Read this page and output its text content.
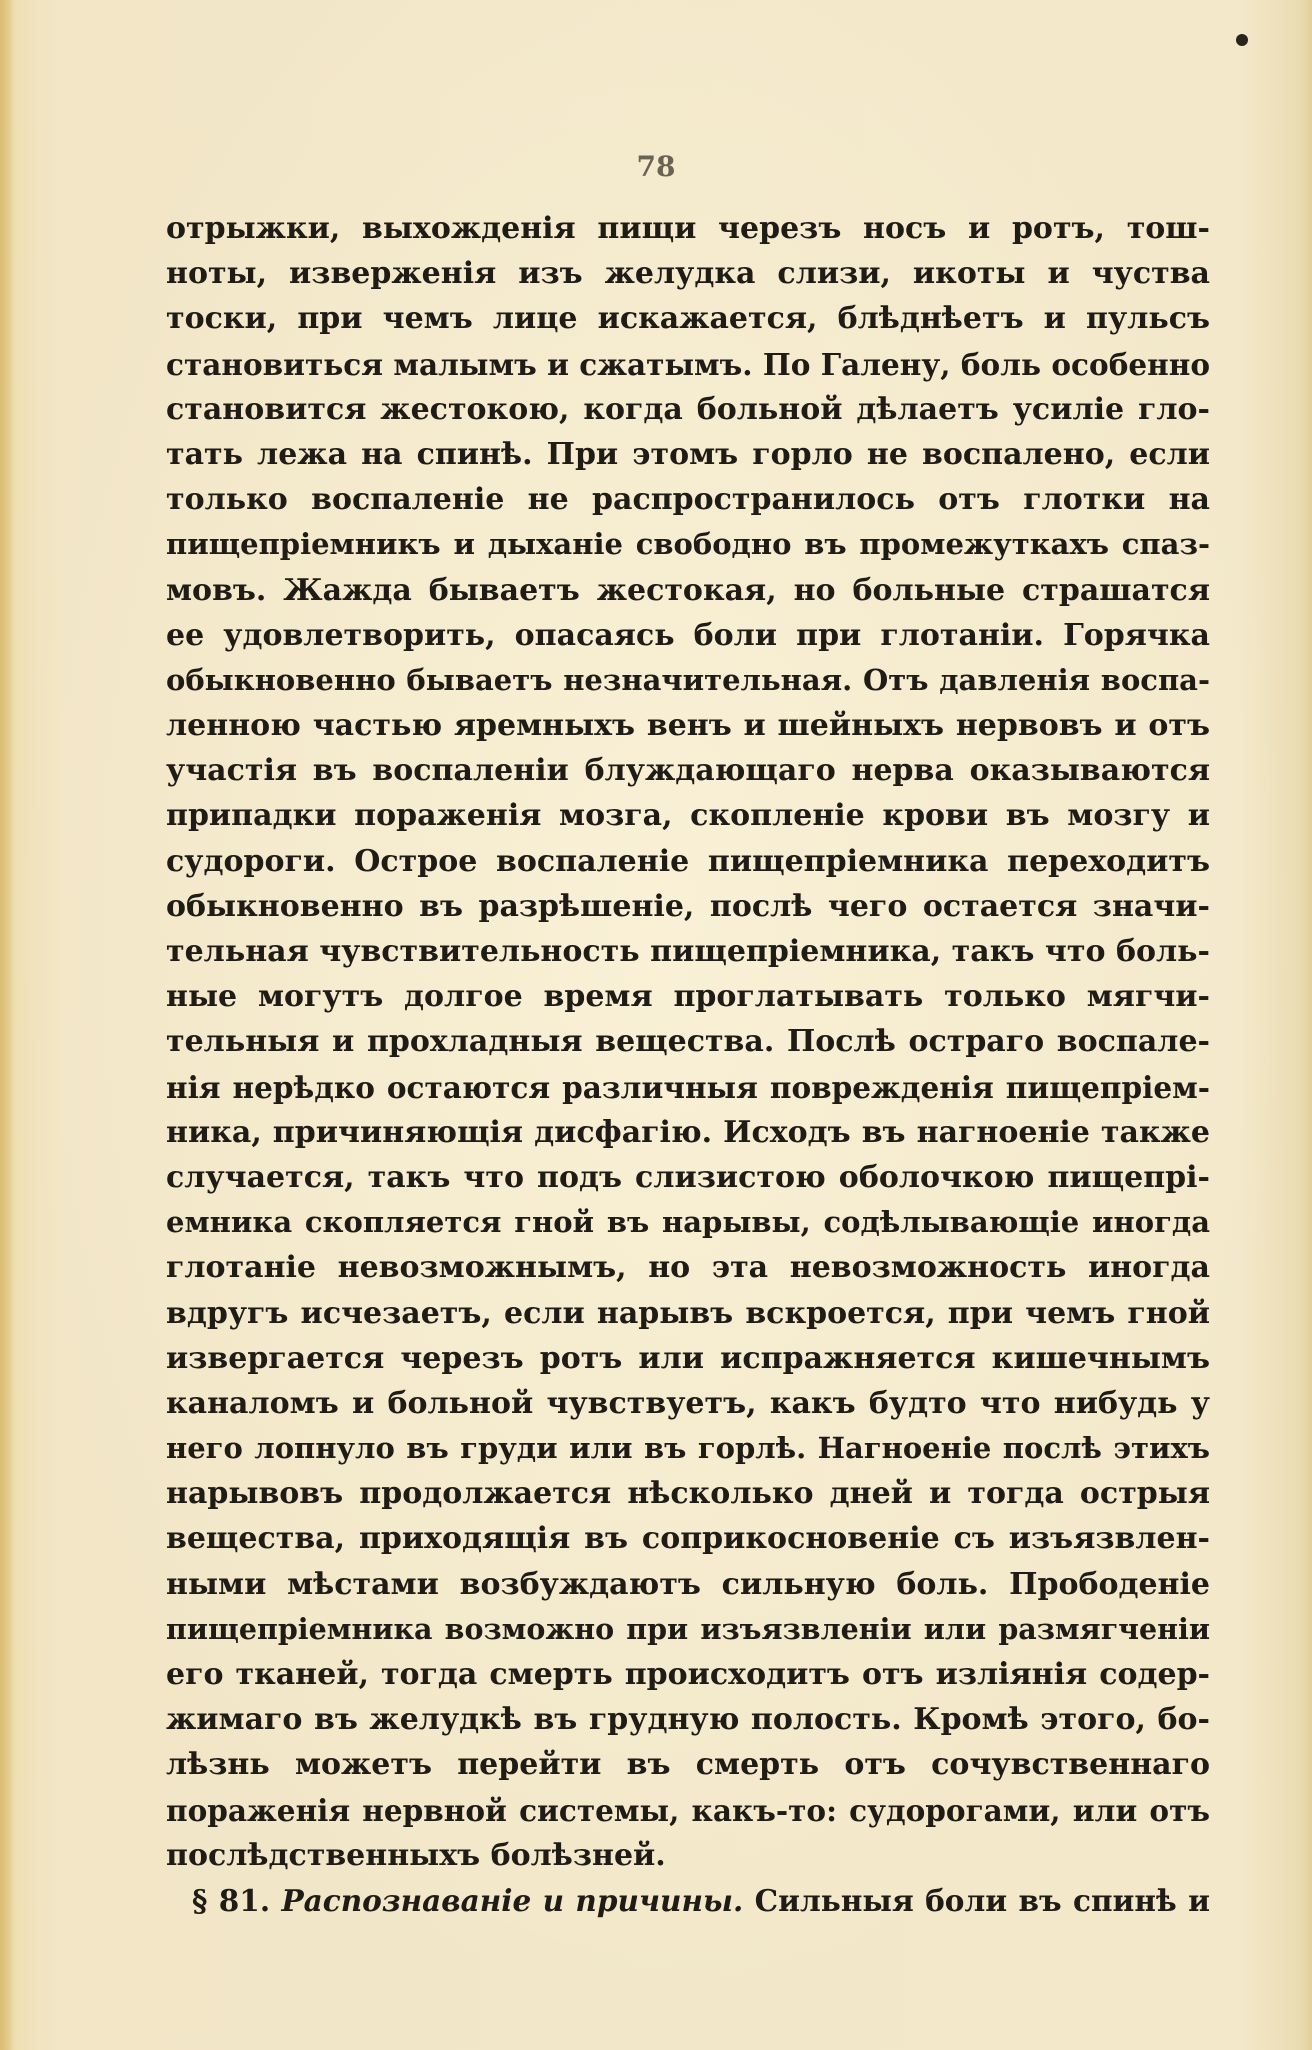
78
отрыжки, выхожденія пищи черезъ носъ и ротъ, тош-
ноты, изверженія изъ желудка слизи, икоты и чуства
тоски, при чемъ лице искажается, блѣднѣетъ и пульсъ
становиться малымъ и сжатымъ. По Галену, боль особенно
становится жестокою, когда больной дѣлаетъ усиліе гло-
тать лежа на спинѣ. При этомъ горло не воспалено, если
только воспаленіе не распространилось отъ глотки на
пищепріемникъ и дыханіе свободно въ промежуткахъ спаз-
мовъ. Жажда бываетъ жестокая, но больные страшатся
ее удовлетворить, опасаясь боли при глотаніи. Горячка
обыкновенно бываетъ незначительная. Отъ давленія воспа-
ленною частью яремныхъ венъ и шейныхъ нервовъ и отъ
участія въ воспаленіи блуждающаго нерва оказываются
припадки пораженія мозга, скопленіе крови въ мозгу и
судороги. Острое воспаленіе пищепріемника переходитъ
обыкновенно въ разрѣшеніе, послѣ чего остается значи-
тельная чувствительность пищепріемника, такъ что боль-
ные могутъ долгое время проглатывать только мягчи-
тельныя и прохладныя вещества. Послѣ остраго воспале-
нія нерѣдко остаются различныя поврежденія пищепріем-
ника, причиняющія дисфагію. Исходъ въ нагноеніе также
случается, такъ что подъ слизистою оболочкою пищепрі-
емника скопляется гной въ нарывы, содѣлывающіе иногда
глотаніе невозможнымъ, но эта невозможность иногда
вдругъ исчезаетъ, если нарывъ вскроется, при чемъ гной
извергается черезъ ротъ или испражняется кишечнымъ
каналомъ и больной чувствуетъ, какъ будто что нибудь у
него лопнуло въ груди или въ горлѣ. Нагноеніе послѣ этихъ
нарывовъ продолжается нѣсколько дней и тогда острыя
вещества, приходящія въ соприкосновеніе съ изъязвлен-
ными мѣстами возбуждаютъ сильную боль. Прободеніе
пищепріемника возможно при изъязвленіи или размягченіи
его тканей, тогда смерть происходитъ отъ излiянія содер-
жимаго въ желудкѣ въ грудную полость. Кромѣ этого, бо-
лѣзнь можетъ перейти въ смерть отъ сочувственнаго
пораженія нервной системы, какъ-то: судорогами, или отъ
послѣдственныхъ болѣзней.
§ 81. Распознаваніе и причины. Сильныя боли въ спинѣ и
